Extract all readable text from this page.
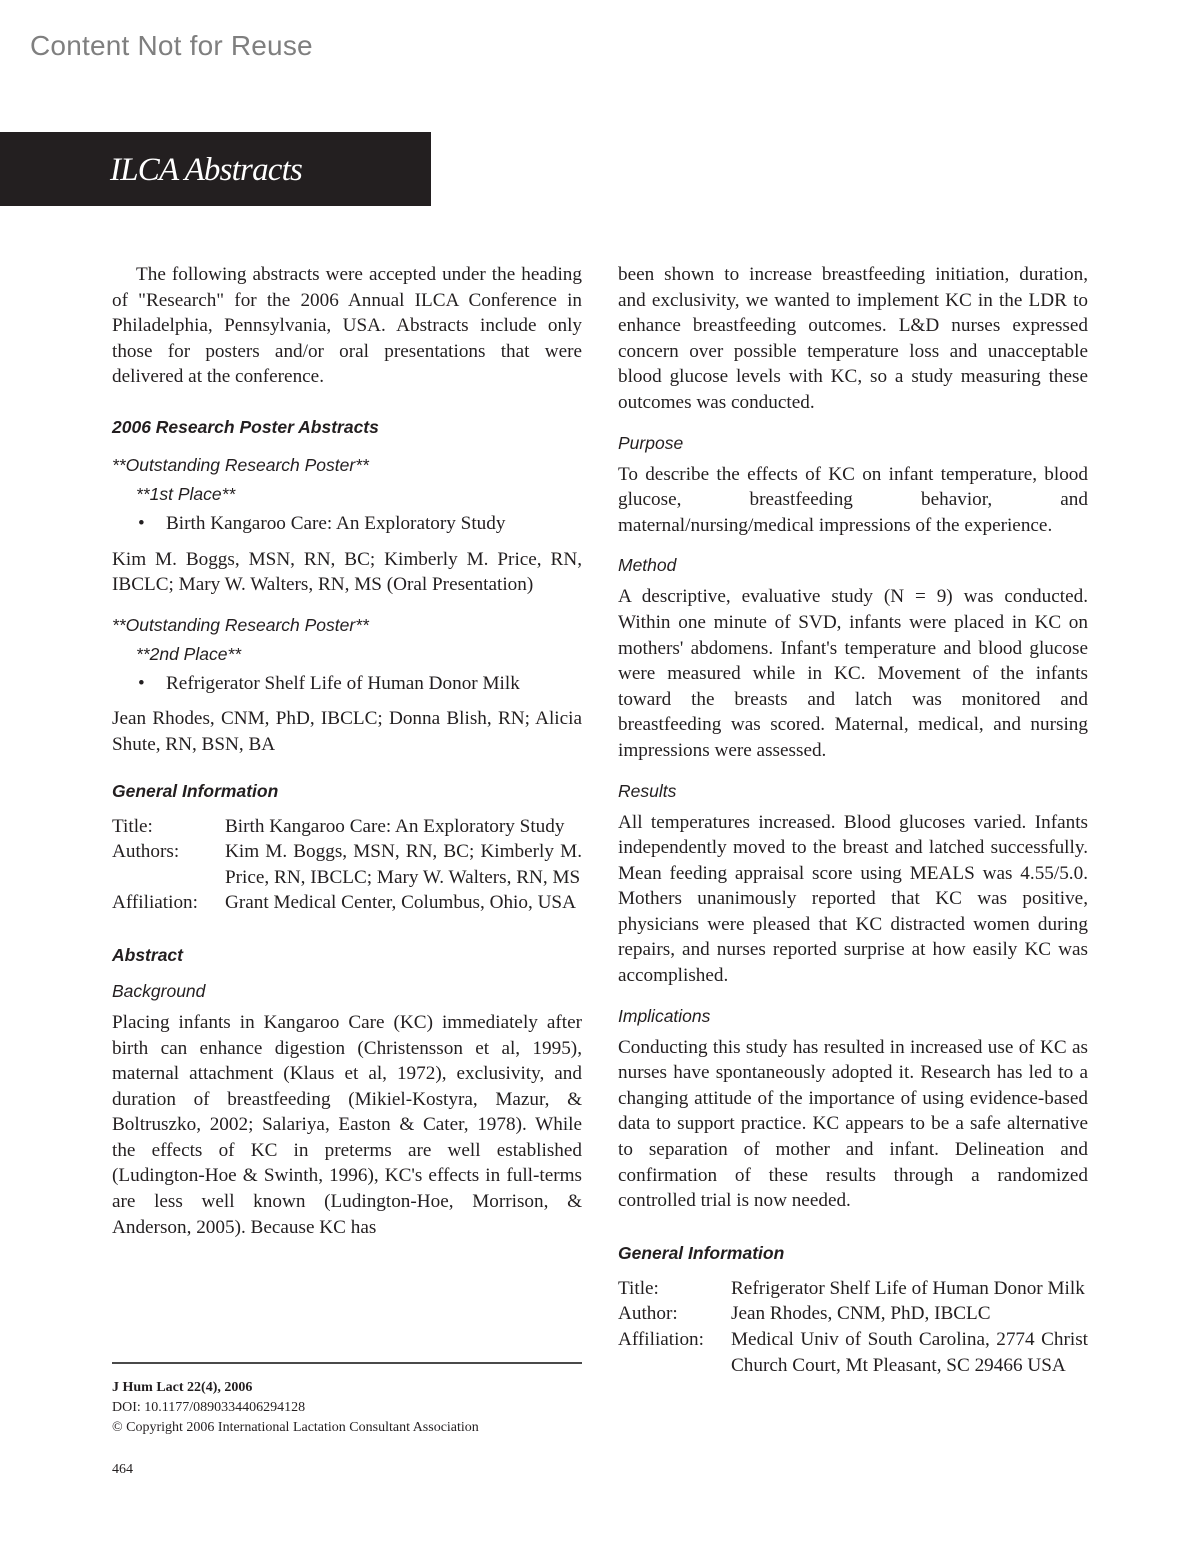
Content Not for Reuse
ILCA Abstracts

The following abstracts were accepted under the heading of "Research" for the 2006 Annual ILCA Conference in Philadelphia, Pennsylvania, USA. Abstracts include only those for posters and/or oral presentations that were delivered at the conference.

2006 Research Poster Abstracts
**Outstanding Research Poster**
**1st Place**
•	Birth Kangaroo Care: An Exploratory Study

Kim M. Boggs, MSN, RN, BC; Kimberly M. Price, RN, IBCLC; Mary W. Walters, RN, MS (Oral Presentation)

**Outstanding Research Poster**
**2nd Place**
•	Refrigerator Shelf Life of Human Donor Milk

Jean Rhodes, CNM, PhD, IBCLC; Donna Blish, RN; Alicia Shute, RN, BSN, BA

General Information
Title:	Birth Kangaroo Care: An Exploratory Study
Authors:	Kim M. Boggs, MSN, RN, BC; Kimberly M. Price, RN, IBCLC; Mary W. Walters, RN, MS
Affiliation:	Grant Medical Center, Columbus, Ohio, USA
Abstract
Background

Placing infants in Kangaroo Care (KC) immediately after birth can enhance digestion (Christensson et al, 1995), maternal attachment (Klaus et al, 1972), exclusivity, and duration of breastfeeding (Mikiel-Kostyra, Mazur, & Boltruszko, 2002; Salariya, Easton & Cater, 1978). While the effects of KC in preterms are well established (Ludington-Hoe & Swinth, 1996), KC's effects in full-terms are less well known (Ludington-Hoe, Morrison, & Anderson, 2005). Because KC has

been shown to increase breastfeeding initiation, duration, and exclusivity, we wanted to implement KC in the LDR to enhance breastfeeding outcomes. L&D nurses expressed concern over possible temperature loss and unacceptable blood glucose levels with KC, so a study measuring these outcomes was conducted.

Purpose

To describe the effects of KC on infant temperature, blood glucose, breastfeeding behavior, and maternal/nursing/medical impressions of the experience.

Method

A descriptive, evaluative study (N = 9) was conducted. Within one minute of SVD, infants were placed in KC on mothers' abdomens. Infant's temperature and blood glucose were measured while in KC. Movement of the infants toward the breasts and latch was monitored and breastfeeding was scored. Maternal, medical, and nursing impressions were assessed.

Results

All temperatures increased. Blood glucoses varied. Infants independently moved to the breast and latched successfully. Mean feeding appraisal score using MEALS was 4.55/5.0. Mothers unanimously reported that KC was positive, physicians were pleased that KC distracted women during repairs, and nurses reported surprise at how easily KC was accomplished.

Implications

Conducting this study has resulted in increased use of KC as nurses have spontaneously adopted it. Research has led to a changing attitude of the importance of using evidence-based data to support practice. KC appears to be a safe alternative to separation of mother and infant. Delineation and confirmation of these results through a randomized controlled trial is now needed.

General Information
Title:	Refrigerator Shelf Life of Human Donor Milk
Author:	Jean Rhodes, CNM, PhD, IBCLC
Affiliation:	Medical Univ of South Carolina, 2774 Christ Church Court, Mt Pleasant, SC 29466 USA
J Hum Lact 22(4), 2006
DOI: 10.1177/0890334406294128
© Copyright 2006 International Lactation Consultant Association
464
